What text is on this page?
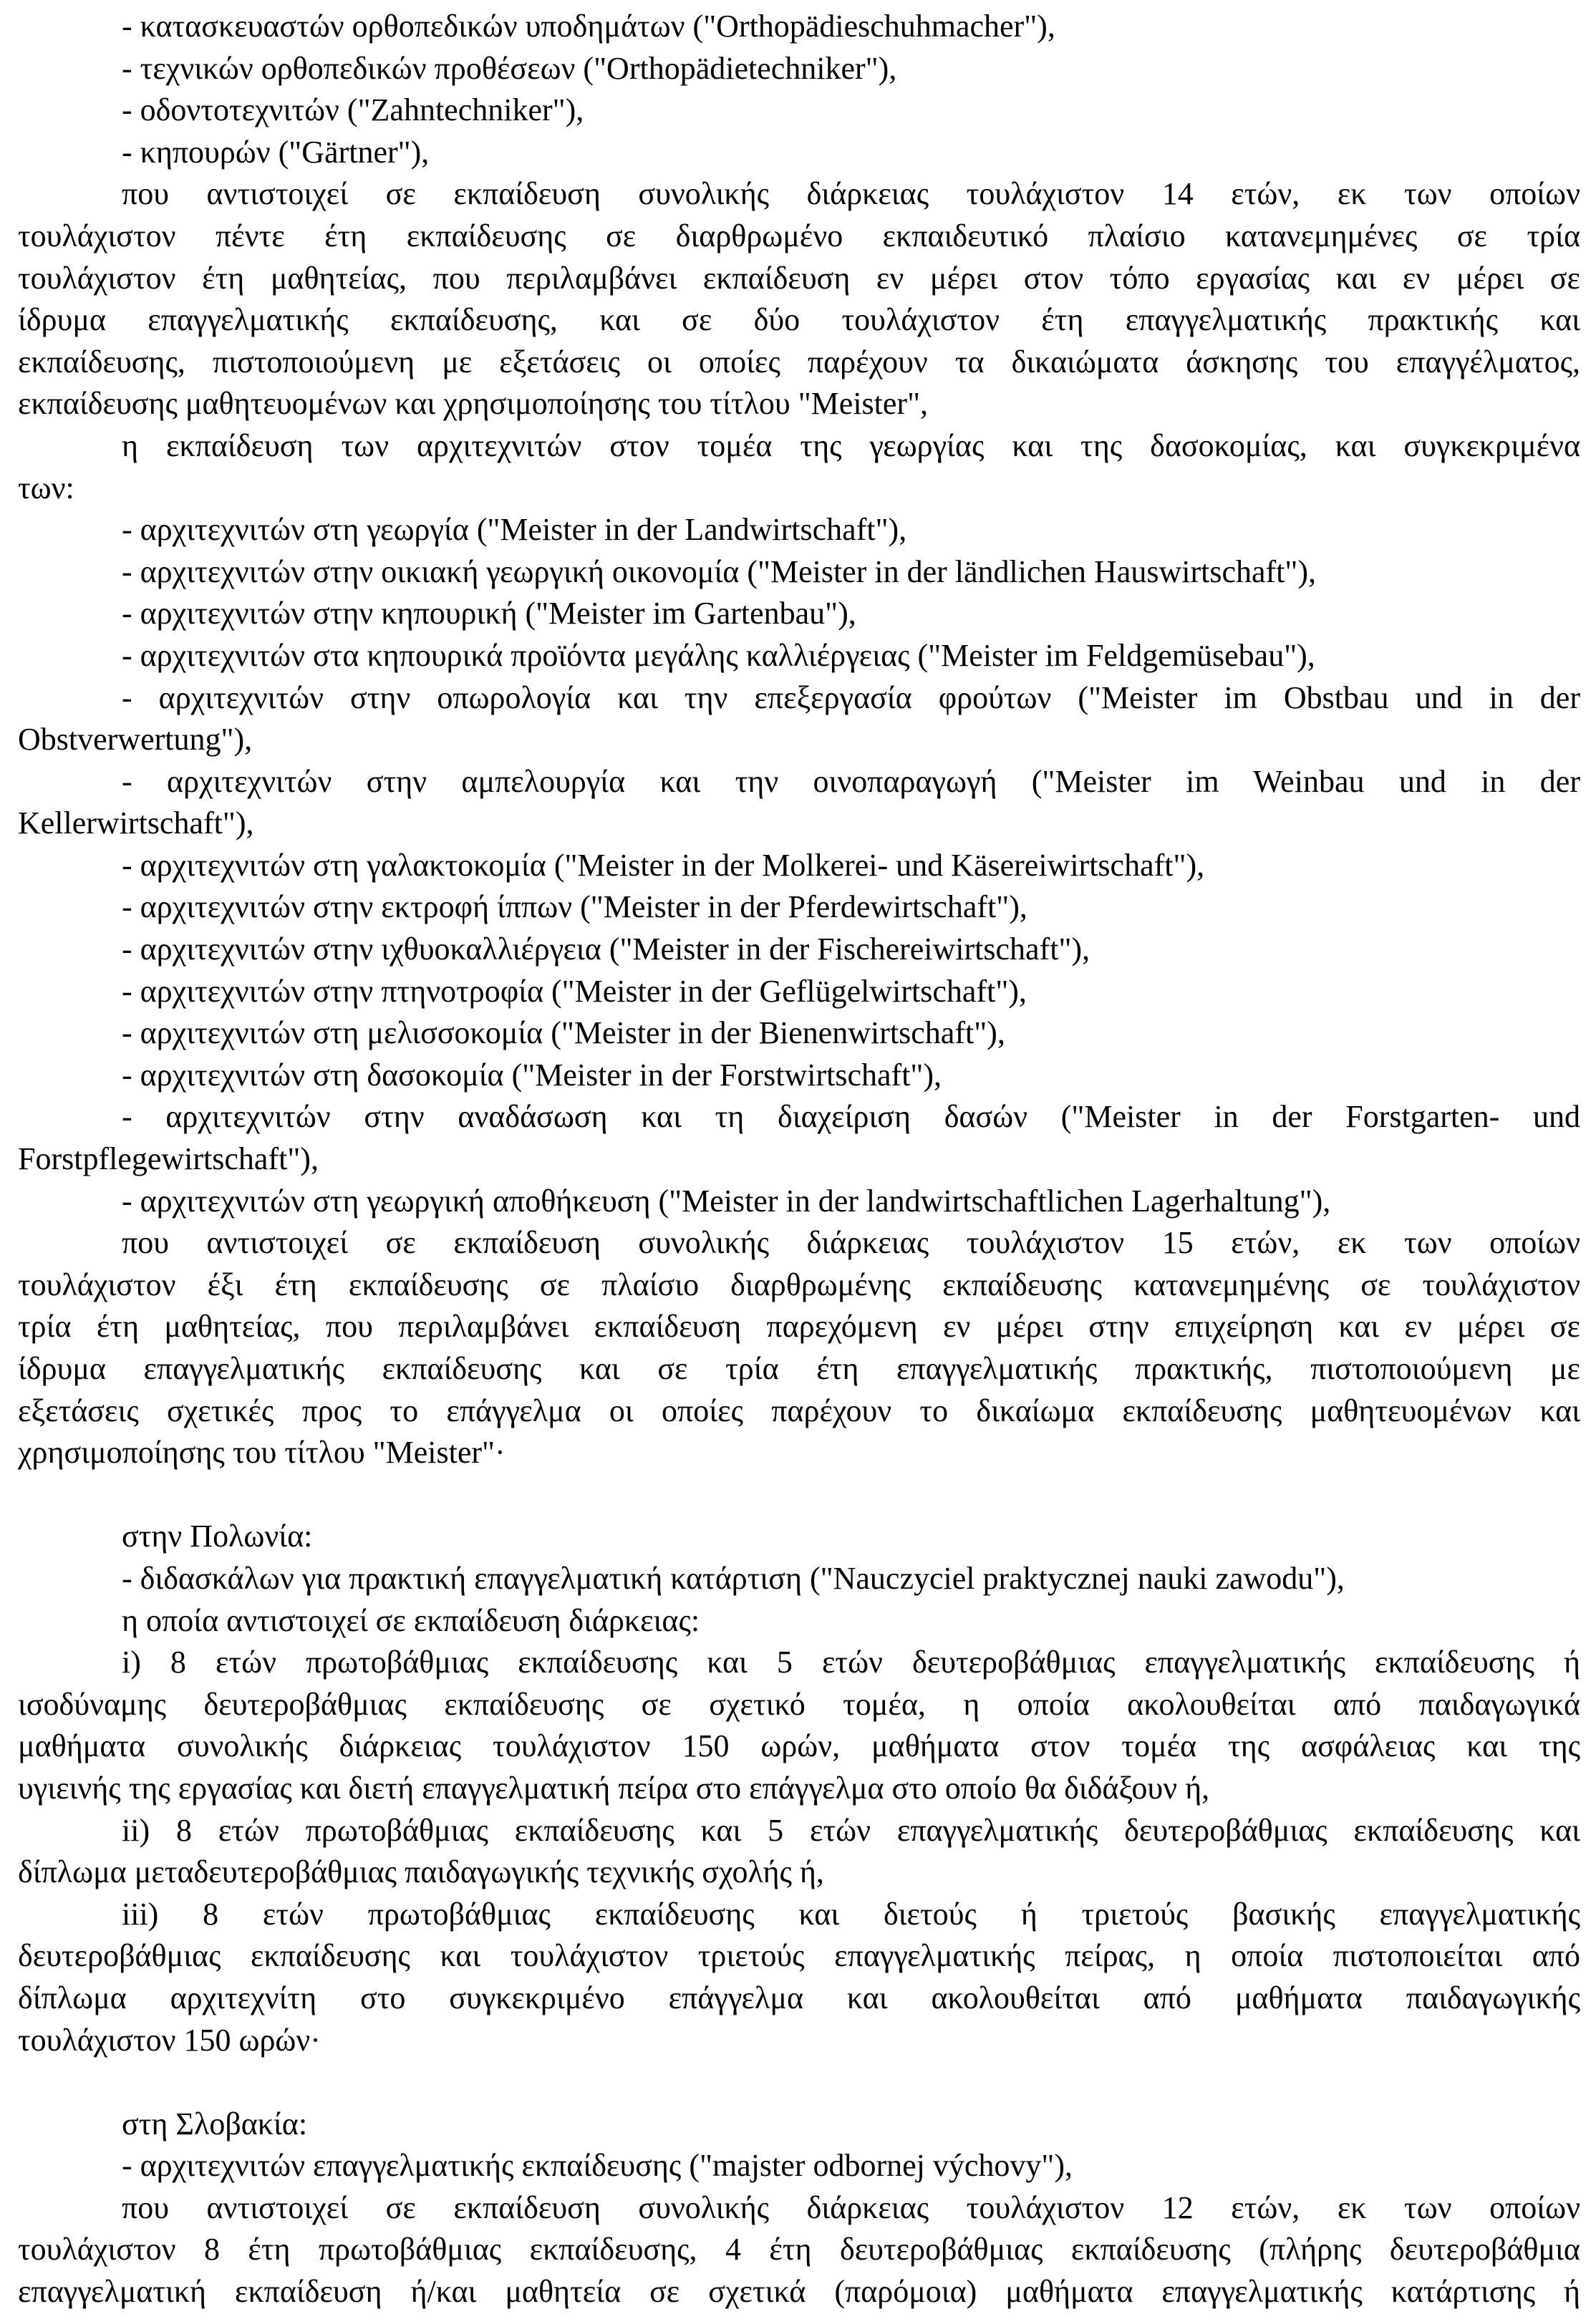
- κατασκευαστών ορθοπεδικών υποδημάτων ("Orthopädieschuhmacher"),
- τεχνικών ορθοπεδικών προθέσεων ("Orthopädietechniker"),
- οδοντοτεχνιτών ("Zahntechniker"),
- κηπουρών ("Gärtner"),
που αντιστοιχεί σε εκπαίδευση συνολικής διάρκειας τουλάχιστον 14 ετών, εκ των οποίων
τουλάχιστον πέντε έτη εκπαίδευσης σε διαρθρωμένο εκπαιδευτικό πλαίσιο κατανεμημένες σε τρία
τουλάχιστον έτη μαθητείας, που περιλαμβάνει εκπαίδευση εν μέρει στον τόπο εργασίας και εν μέρει σε
ίδρυμα επαγγελματικής εκπαίδευσης, και σε δύο τουλάχιστον έτη επαγγελματικής πρακτικής και
εκπαίδευσης, πιστοποιούμενη με εξετάσεις οι οποίες παρέχουν τα δικαιώματα άσκησης του επαγγέλματος,
εκπαίδευσης μαθητευομένων και χρησιμοποίησης του τίτλου "Meister",
η εκπαίδευση των αρχιτεχνιτών στον τομέα της γεωργίας και της δασοκομίας, και συγκεκριμένα
των:
- αρχιτεχνιτών στη γεωργία ("Meister in der Landwirtschaft"),
- αρχιτεχνιτών στην οικιακή γεωργική οικονομία ("Meister in der ländlichen Hauswirtschaft"),
- αρχιτεχνιτών στην κηπουρική ("Meister im Gartenbau"),
- αρχιτεχνιτών στα κηπουρικά προϊόντα μεγάλης καλλιέργειας ("Meister im Feldgemüsebau"),
- αρχιτεχνιτών στην οπωρολογία και την επεξεργασία φρούτων ("Meister im Obstbau und in der
Obstverwertung"),
- αρχιτεχνιτών στην αμπελουργία και την οινοπαραγωγή ("Meister im Weinbau und in der
Kellerwirtschaft"),
- αρχιτεχνιτών στη γαλακτοκομία ("Meister in der Molkerei- und Käsereiwirtschaft"),
- αρχιτεχνιτών στην εκτροφή ίππων ("Meister in der Pferdewirtschaft"),
- αρχιτεχνιτών στην ιχθυοκαλλιέργεια ("Meister in der Fischereiwirtschaft"),
- αρχιτεχνιτών στην πτηνοτροφία ("Meister in der Geflügelwirtschaft"),
- αρχιτεχνιτών στη μελισσοκομία ("Meister in der Bienenwirtschaft"),
- αρχιτεχνιτών στη δασοκομία ("Meister in der Forstwirtschaft"),
- αρχιτεχνιτών στην αναδάσωση και τη διαχείριση δασών ("Meister in der Forstgarten- und
Forstpflegewirtschaft"),
- αρχιτεχνιτών στη γεωργική αποθήκευση ("Meister in der landwirtschaftlichen Lagerhaltung"),
που αντιστοιχεί σε εκπαίδευση συνολικής διάρκειας τουλάχιστον 15 ετών, εκ των οποίων
τουλάχιστον έξι έτη εκπαίδευσης σε πλαίσιο διαρθρωμένης εκπαίδευσης κατανεμημένης σε τουλάχιστον
τρία έτη μαθητείας, που περιλαμβάνει εκπαίδευση παρεχόμενη εν μέρει στην επιχείρηση και εν μέρει σε
ίδρυμα επαγγελματικής εκπαίδευσης και σε τρία έτη επαγγελματικής πρακτικής, πιστοποιούμενη με
εξετάσεις σχετικές προς το επάγγελμα οι οποίες παρέχουν το δικαίωμα εκπαίδευσης μαθητευομένων και
χρησιμοποίησης του τίτλου "Meister"·
στην Πολωνία:
- διδασκάλων για πρακτική επαγγελματική κατάρτιση ("Nauczyciel praktycznej nauki zawodu"),
η οποία αντιστοιχεί σε εκπαίδευση διάρκειας:
i) 8 ετών πρωτοβάθμιας εκπαίδευσης και 5 ετών δευτεροβάθμιας επαγγελματικής εκπαίδευσης ή
ισοδύναμης δευτεροβάθμιας εκπαίδευσης σε σχετικό τομέα, η οποία ακολουθείται από παιδαγωγικά
μαθήματα συνολικής διάρκειας τουλάχιστον 150 ωρών, μαθήματα στον τομέα της ασφάλειας και της
υγιεινής της εργασίας και διετή επαγγελματική πείρα στο επάγγελμα στο οποίο θα διδάξουν ή,
ii) 8 ετών πρωτοβάθμιας εκπαίδευσης και 5 ετών επαγγελματικής δευτεροβάθμιας εκπαίδευσης και
δίπλωμα μεταδευτεροβάθμιας παιδαγωγικής τεχνικής σχολής ή,
iii) 8 ετών πρωτοβάθμιας εκπαίδευσης και διετούς ή τριετούς βασικής επαγγελματικής
δευτεροβάθμιας εκπαίδευσης και τουλάχιστον τριετούς επαγγελματικής πείρας, η οποία πιστοποιείται από
δίπλωμα αρχιτεχνίτη στο συγκεκριμένο επάγγελμα και ακολουθείται από μαθήματα παιδαγωγικής
τουλάχιστον 150 ωρών·
στη Σλοβακία:
- αρχιτεχνιτών επαγγελματικής εκπαίδευσης ("majster odbornej výchovy"),
που αντιστοιχεί σε εκπαίδευση συνολικής διάρκειας τουλάχιστον 12 ετών, εκ των οποίων
τουλάχιστον 8 έτη πρωτοβάθμιας εκπαίδευσης, 4 έτη δευτεροβάθμιας εκπαίδευσης (πλήρης δευτεροβάθμια
επαγγελματική εκπαίδευση ή/και μαθητεία σε σχετικά (παρόμοια) μαθήματα επαγγελματικής κατάρτισης ή
